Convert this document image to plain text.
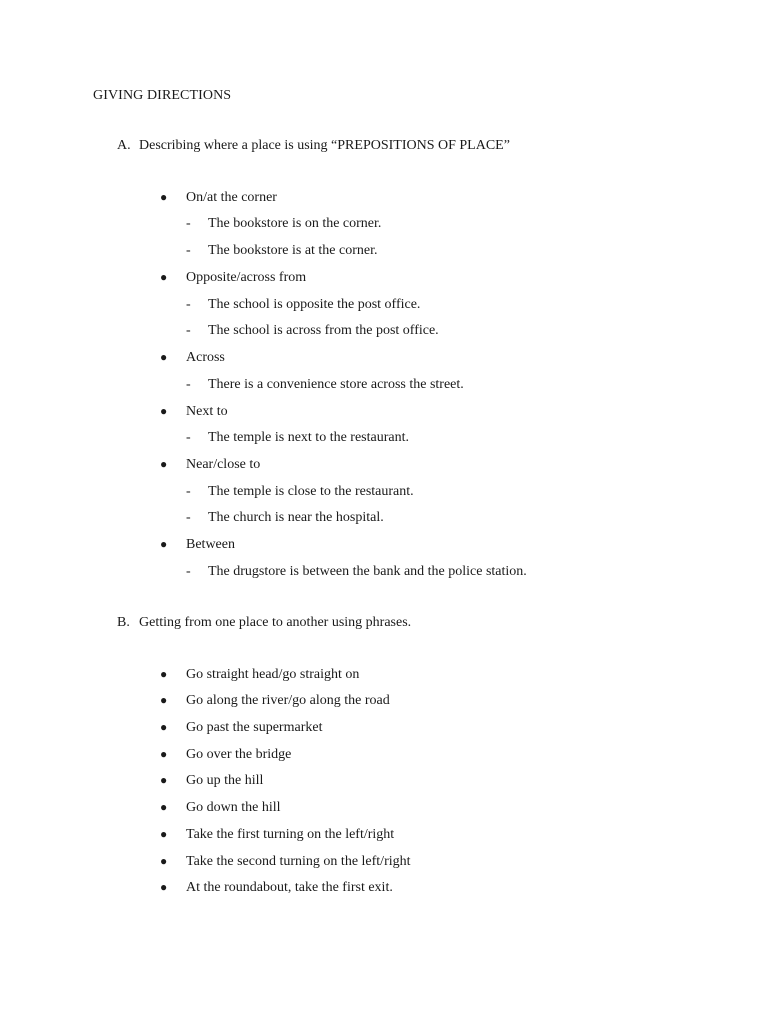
GIVING DIRECTIONS
A. Describing where a place is using “PREPOSITIONS OF PLACE”
● On/at the corner
- The bookstore is on the corner.
- The bookstore is at the corner.
● Opposite/across from
- The school is opposite the post office.
- The school is across from the post office.
● Across
- There is a convenience store across the street.
● Next to
- The temple is next to the restaurant.
● Near/close to
- The temple is close to the restaurant.
- The church is near the hospital.
● Between
- The drugstore is between the bank and the police station.
B. Getting from one place to another using phrases.
● Go straight head/go straight on
● Go along the river/go along the road
● Go past the supermarket
● Go over the bridge
● Go up the hill
● Go down the hill
● Take the first turning on the left/right
● Take the second turning on the left/right
● At the roundabout, take the first exit.
